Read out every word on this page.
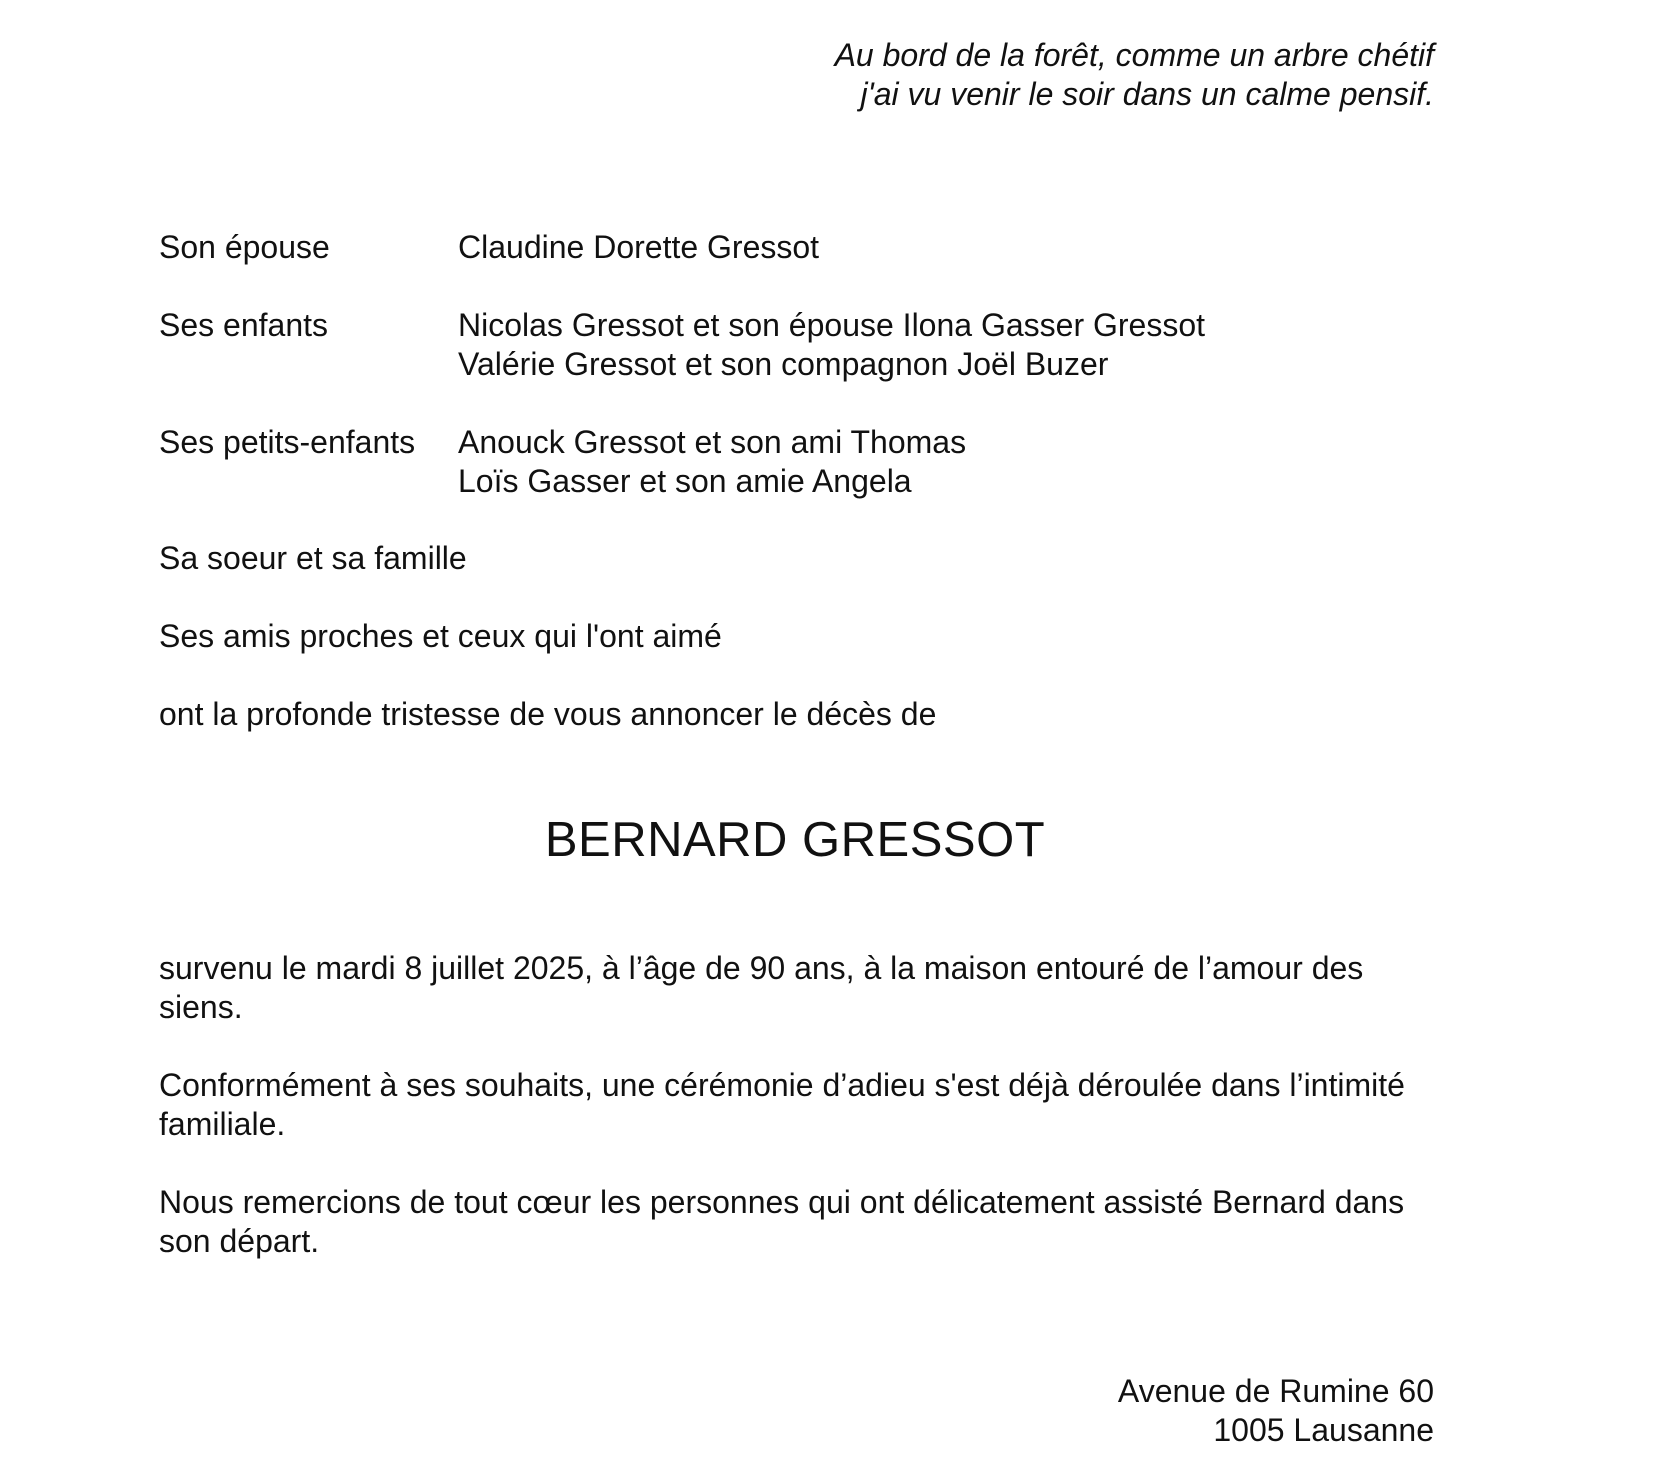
Au bord de la forêt, comme un arbre chétif
j'ai vu venir le soir dans un calme pensif.
Son épouse	Claudine Dorette Gressot
Ses enfants	Nicolas Gressot et son épouse Ilona Gasser Gressot
Valérie Gressot et son compagnon Joël Buzer
Ses petits-enfants	Anouck Gressot et son ami Thomas
Loïs Gasser et son amie Angela
Sa soeur et sa famille
Ses amis proches et ceux qui l'ont aimé
ont la profonde tristesse de vous annoncer le décès de
BERNARD GRESSOT
survenu le mardi 8 juillet 2025, à l’âge de 90 ans, à la maison entouré de l’amour des siens.
Conformément à ses souhaits, une cérémonie d’adieu s'est déjà déroulée dans l’intimité familiale.
Nous remercions de tout cœur les personnes qui ont délicatement assisté Bernard dans son départ.
Avenue de Rumine 60
1005 Lausanne
